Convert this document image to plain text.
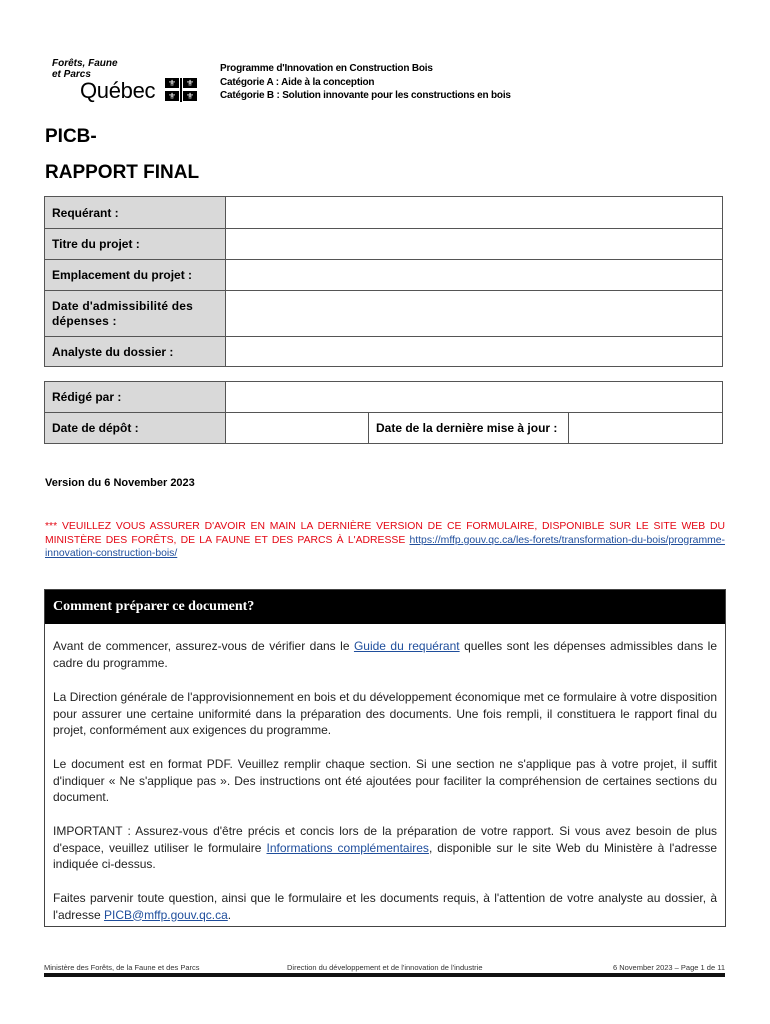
Forêts, Faune
et Parcs
Québec ⚜ ⚜
⚜ ⚜
Programme d'Innovation en Construction Bois
Catégorie A : Aide à la conception
Catégorie B : Solution innovante pour les constructions en bois
PICB-
RAPPORT FINAL
Requérant :	
Titre du projet :	
Emplacement du projet :	
Date d'admissibilité des dépenses :	
Analyste du dossier :	
Rédigé par :			
Date de dépôt :		Date de la dernière mise à jour :	
Version du 6 November 2023
*** VEUILLEZ VOUS ASSURER D'AVOIR EN MAIN LA DERNIÈRE VERSION DE CE FORMULAIRE, DISPONIBLE SUR LE SITE WEB DU MINISTÈRE DES FORÊTS, DE LA FAUNE ET DES PARCS À L'ADRESSE https://mffp.gouv.qc.ca/les-forets/transformation-du-bois/programme-innovation-construction-bois/
Comment préparer ce document?
Avant de commencer, assurez-vous de vérifier dans le Guide du requérant quelles sont les dépenses admissibles dans le cadre du programme.
La Direction générale de l'approvisionnement en bois et du développement économique met ce formulaire à votre disposition pour assurer une certaine uniformité dans la préparation des documents. Une fois rempli, il constituera le rapport final du projet, conformément aux exigences du programme.
Le document est en format PDF. Veuillez remplir chaque section. Si une section ne s'applique pas à votre projet, il suffit d'indiquer « Ne s'applique pas ». Des instructions ont été ajoutées pour faciliter la compréhension de certaines sections du document.
IMPORTANT : Assurez-vous d'être précis et concis lors de la préparation de votre rapport. Si vous avez besoin de plus d'espace, veuillez utiliser le formulaire Informations complémentaires, disponible sur le site Web du Ministère à l'adresse indiquée ci-dessus.
Faites parvenir toute question, ainsi que le formulaire et les documents requis, à l'attention de votre analyste au dossier, à l'adresse PICB@mffp.gouv.qc.ca.
Ministère des Forêts, de la Faune et des Parcs	Direction du développement et de l'innovation de l'industrie	6 November 2023 – Page 1 de 11
